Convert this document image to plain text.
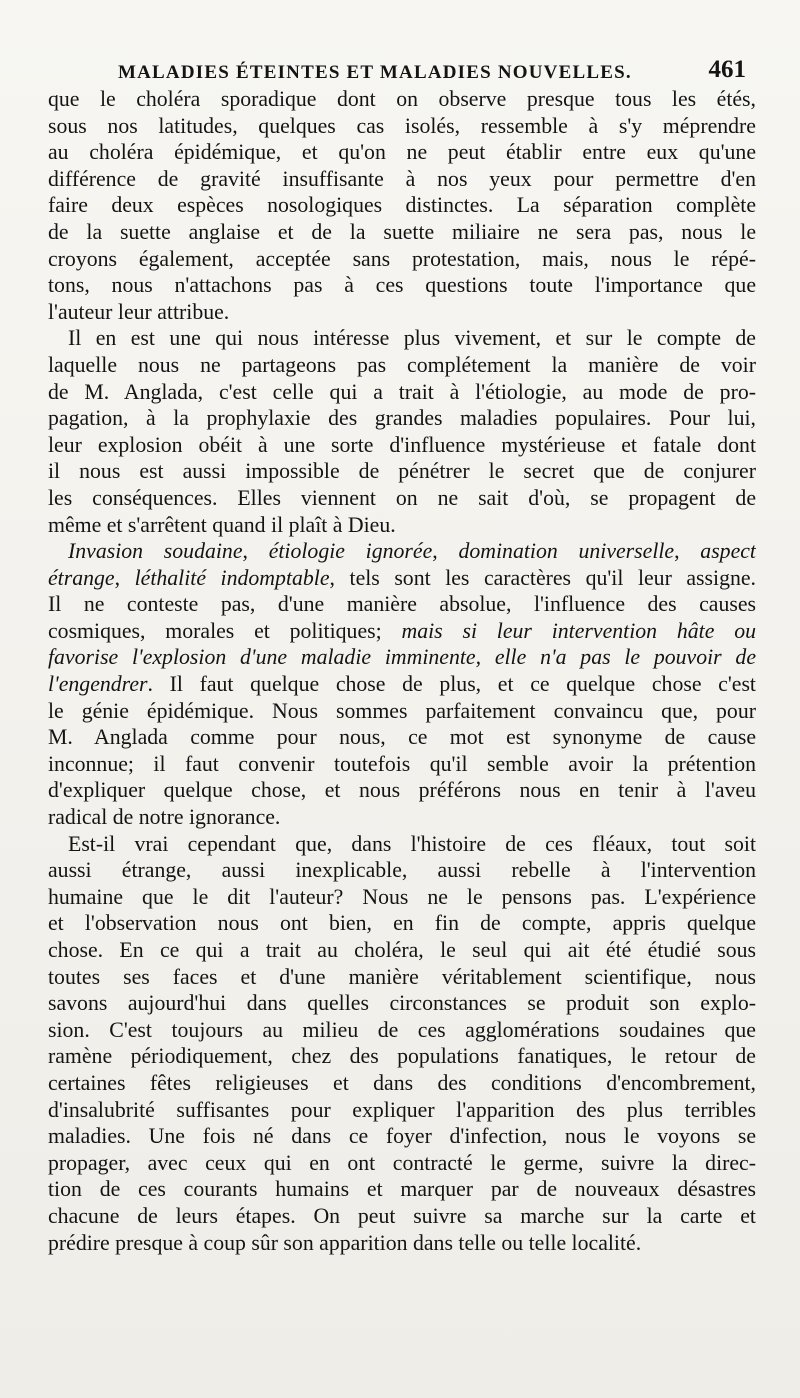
MALADIES ÉTEINTES ET MALADIES NOUVELLES.	461
que le choléra sporadique dont on observe presque tous les étés,
sous nos latitudes, quelques cas isolés, ressemble à s'y méprendre
au choléra épidémique, et qu'on ne peut établir entre eux qu'une
différence de gravité insuffisante à nos yeux pour permettre d'en
faire deux espèces nosologiques distinctes. La séparation complète
de la suette anglaise et de la suette miliaire ne sera pas, nous le
croyons également, acceptée sans protestation, mais, nous le répé-
tons, nous n'attachons pas à ces questions toute l'importance que
l'auteur leur attribue.
Il en est une qui nous intéresse plus vivement, et sur le compte de
laquelle nous ne partageons pas complétement la manière de voir
de M. Anglada, c'est celle qui a trait à l'étiologie, au mode de pro-
pagation, à la prophylaxie des grandes maladies populaires. Pour lui,
leur explosion obéit à une sorte d'influence mystérieuse et fatale dont
il nous est aussi impossible de pénétrer le secret que de conjurer
les conséquences. Elles viennent on ne sait d'où, se propagent de
même et s'arrêtent quand il plaît à Dieu.
Invasion soudaine, étiologie ignorée, domination universelle, aspect
étrange, léthalité indomptable, tels sont les caractères qu'il leur assigne.
Il ne conteste pas, d'une manière absolue, l'influence des causes
cosmiques, morales et politiques; mais si leur intervention hâte ou
favorise l'explosion d'une maladie imminente, elle n'a pas le pouvoir de
l'engendrer. Il faut quelque chose de plus, et ce quelque chose c'est
le génie épidémique. Nous sommes parfaitement convaincu que, pour
M. Anglada comme pour nous, ce mot est synonyme de cause
inconnue; il faut convenir toutefois qu'il semble avoir la prétention
d'expliquer quelque chose, et nous préférons nous en tenir à l'aveu
radical de notre ignorance.
Est-il vrai cependant que, dans l'histoire de ces fléaux, tout soit
aussi étrange, aussi inexplicable, aussi rebelle à l'intervention
humaine que le dit l'auteur? Nous ne le pensons pas. L'expérience
et l'observation nous ont bien, en fin de compte, appris quelque
chose. En ce qui a trait au choléra, le seul qui ait été étudié sous
toutes ses faces et d'une manière véritablement scientifique, nous
savons aujourd'hui dans quelles circonstances se produit son explo-
sion. C'est toujours au milieu de ces agglomérations soudaines que
ramène périodiquement, chez des populations fanatiques, le retour de
certaines fêtes religieuses et dans des conditions d'encombrement,
d'insalubrité suffisantes pour expliquer l'apparition des plus terribles
maladies. Une fois né dans ce foyer d'infection, nous le voyons se
propager, avec ceux qui en ont contracté le germe, suivre la direc-
tion de ces courants humains et marquer par de nouveaux désastres
chacune de leurs étapes. On peut suivre sa marche sur la carte et
prédire presque à coup sûr son apparition dans telle ou telle localité.
